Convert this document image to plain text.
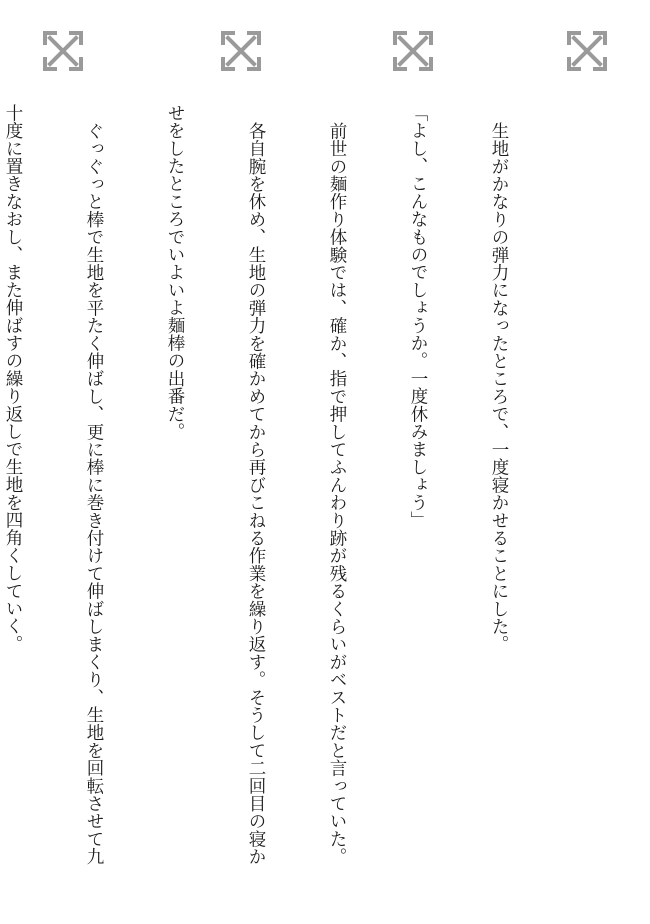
生地がかなりの弾力になったところで、一度寝かせることにした。

「よし、こんなものでしょうか。一度休みましょう」

前世の麺作り体験では、確か、指で押してふんわり跡が残るくらいがベストだと言っていた。

各自腕を休め、生地の弾力を確かめてから再びこねる作業を繰り返す。そうして二回目の寝か

せをしたところでいよいよ麺棒の出番だ。

ぐっぐっと棒で生地を平たく伸ばし、更に棒に巻き付けて伸ばしまくり、生地を回転させて九

十度に置きなおし、また伸ばすの繰り返しで生地を四角くしていく。
